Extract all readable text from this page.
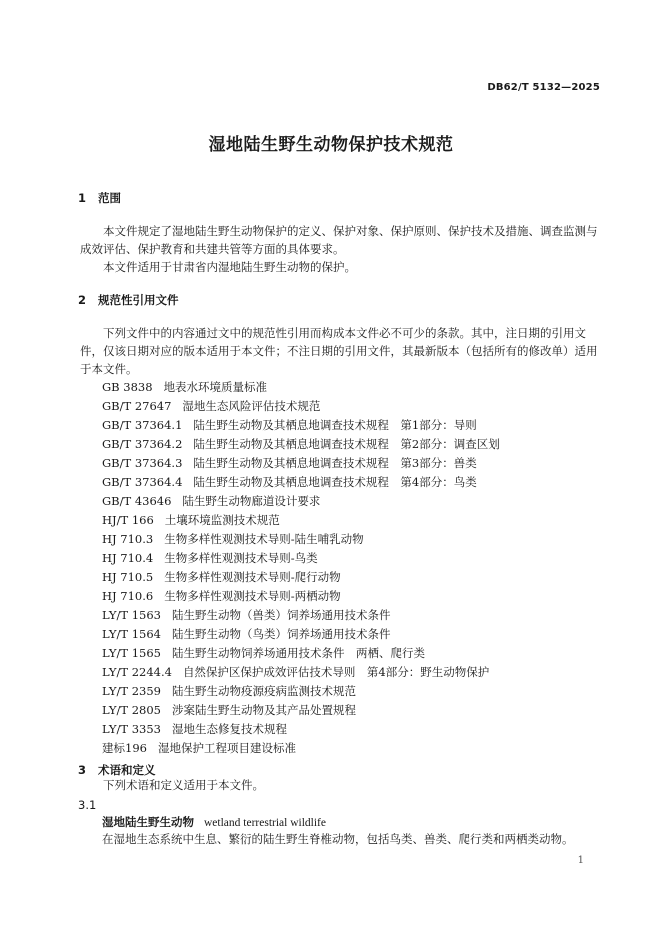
DB62/T 5132—2025
湿地陆生野生动物保护技术规范
1 范围
本文件规定了湿地陆生野生动物保护的定义、保护对象、保护原则、保护技术及措施、调查监测与成效评估、保护教育和共建共管等方面的具体要求。
本文件适用于甘肃省内湿地陆生野生动物的保护。
2 规范性引用文件
下列文件中的内容通过文中的规范性引用而构成本文件必不可少的条款。其中，注日期的引用文件，仅该日期对应的版本适用于本文件；不注日期的引用文件，其最新版本（包括所有的修改单）适用于本文件。
GB 3838 地表水环境质量标准
GB/T 27647 湿地生态风险评估技术规范
GB/T 37364.1 陆生野生动物及其栖息地调查技术规程　第1部分：导则
GB/T 37364.2 陆生野生动物及其栖息地调查技术规程　第2部分：调查区划
GB/T 37364.3 陆生野生动物及其栖息地调查技术规程　第3部分：兽类
GB/T 37364.4 陆生野生动物及其栖息地调查技术规程　第4部分：鸟类
GB/T 43646 陆生野生动物廊道设计要求
HJ/T 166 土壤环境监测技术规范
HJ 710.3 生物多样性观测技术导则-陆生哺乳动物
HJ 710.4 生物多样性观测技术导则-鸟类
HJ 710.5 生物多样性观测技术导则-爬行动物
HJ 710.6 生物多样性观测技术导则-两栖动物
LY/T 1563 陆生野生动物（兽类）饲养场通用技术条件
LY/T 1564 陆生野生动物（鸟类）饲养场通用技术条件
LY/T 1565 陆生野生动物饲养场通用技术条件　两栖、爬行类
LY/T 2244.4 自然保护区保护成效评估技术导则　第4部分：野生动物保护
LY/T 2359 陆生野生动物疫源疫病监测技术规范
LY/T 2805 涉案陆生野生动物及其产品处置规程
LY/T 3353 湿地生态修复技术规程
建标196 湿地保护工程项目建设标准
3 术语和定义
下列术语和定义适用于本文件。
3.1
湿地陆生野生动物 wetland terrestrial wildlife
在湿地生态系统中生息、繁衍的陆生野生脊椎动物，包括鸟类、兽类、爬行类和两栖类动物。
1
